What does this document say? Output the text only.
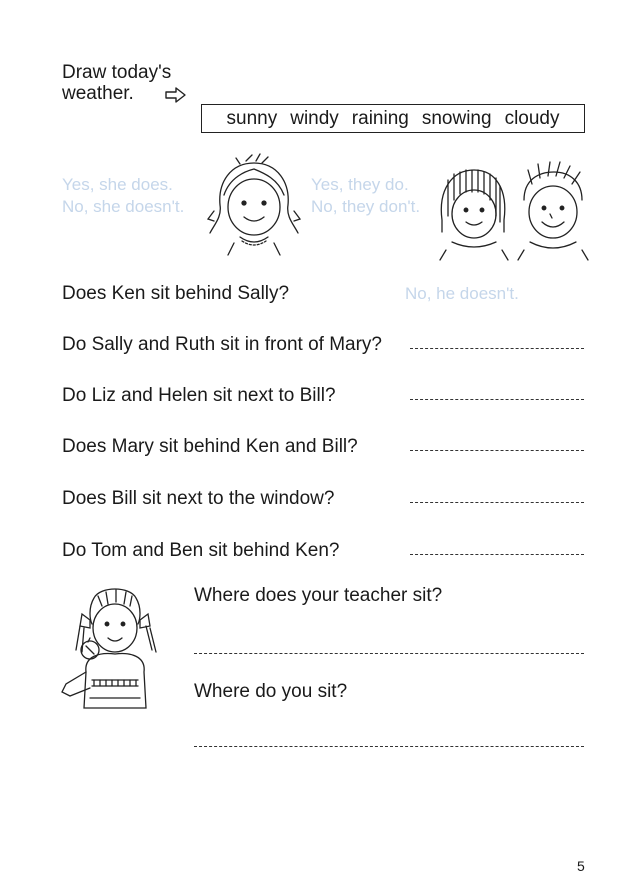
Draw today's
weather.
sunny windy raining snowing cloudy
Yes, she does.
No, she doesn't.
Yes, they do.
No, they don't.
Does Ken sit behind Sally?	No, he doesn't.
Do Sally and Ruth sit in front of Mary?
Do Liz and Helen sit next to Bill?
Does Mary sit behind Ken and Bill?
Does Bill sit next to the window?
Do Tom and Ben sit behind Ken?
Where does your teacher sit?
Where do you sit?
5
